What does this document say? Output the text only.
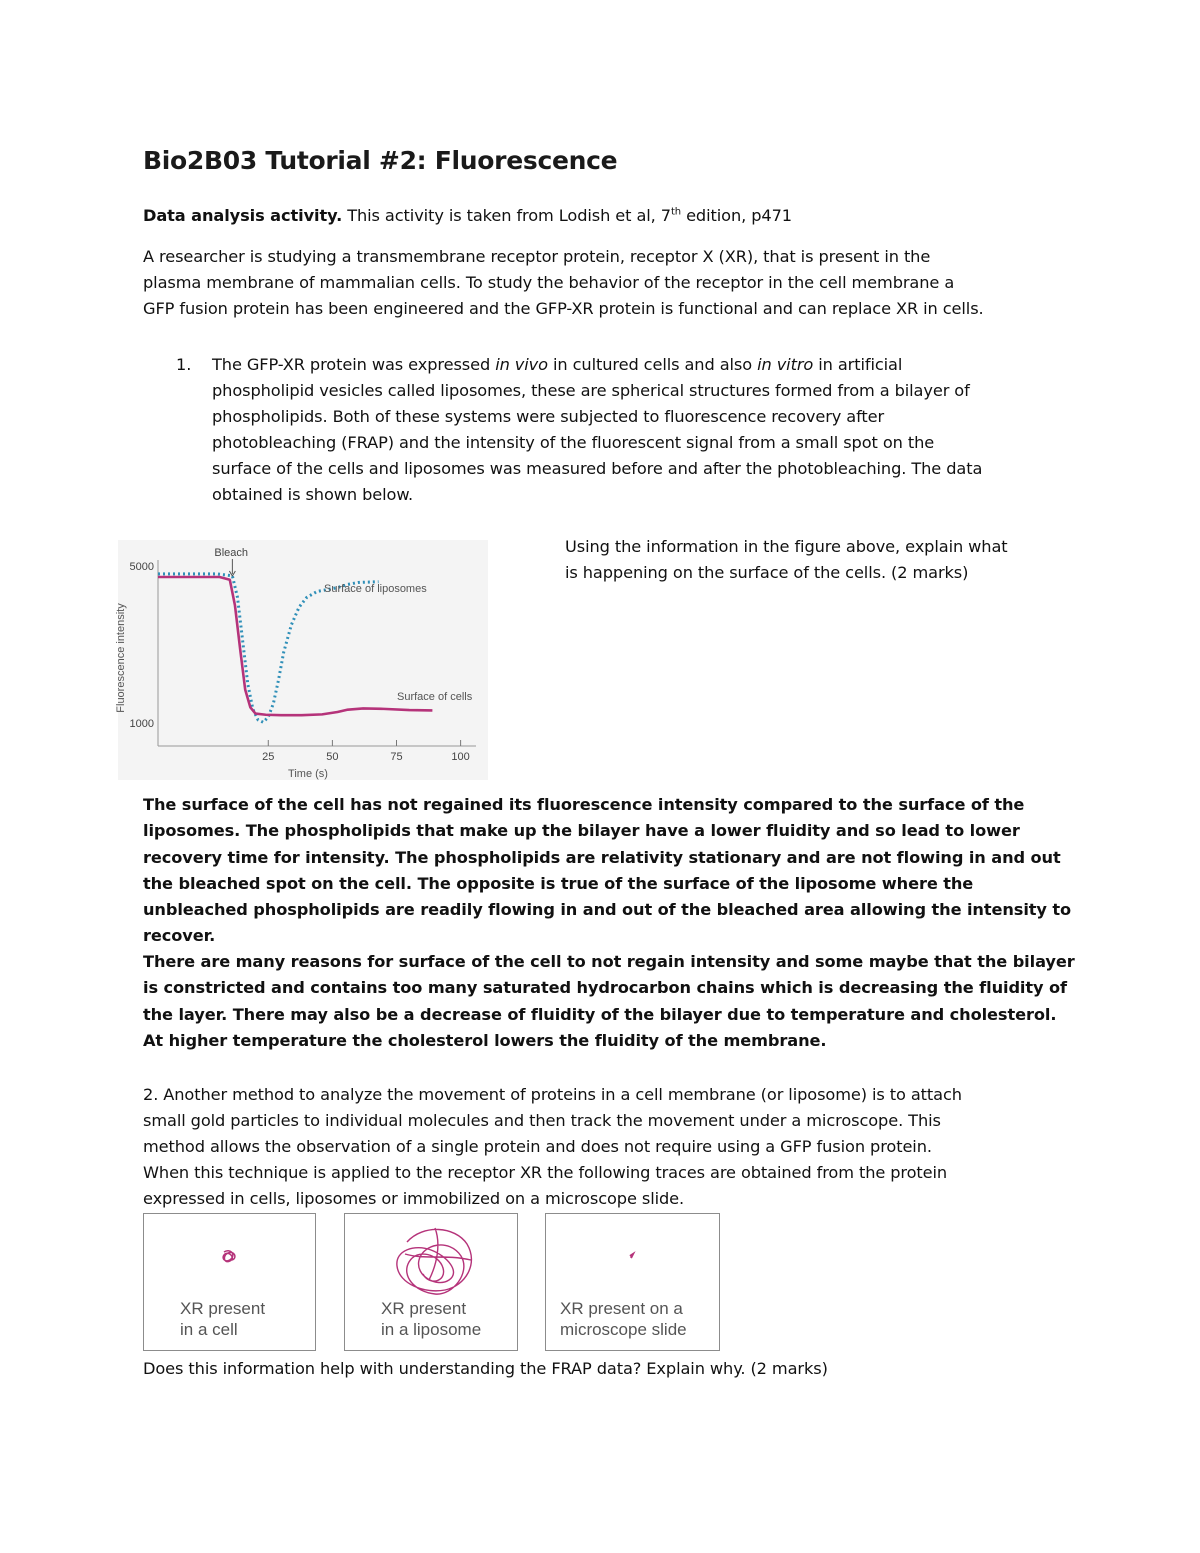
Bio2B03 Tutorial #2: Fluorescence
Data analysis activity. This activity is taken from Lodish et al, 7th edition, p471
A researcher is studying a transmembrane receptor protein, receptor X (XR), that is present in the
plasma membrane of mammalian cells. To study the behavior of the receptor in the cell membrane a
GFP fusion protein has been engineered and the GFP-XR protein is functional and can replace XR in cells.
1. The GFP-XR protein was expressed in vivo in cultured cells and also in vitro in artificial
phospholipid vesicles called liposomes, these are spherical structures formed from a bilayer of
phospholipids. Both of these systems were subjected to fluorescence recovery after
photobleaching (FRAP) and the intensity of the fluorescent signal from a small spot on the
surface of the cells and liposomes was measured before and after the photobleaching. The data
obtained is shown below.
Using the information in the figure above, explain what
is happening on the surface of the cells. (2 marks)
25	50	75	100
1000
5000
Time (s)
Fluorescence intensity
Bleach
Surface of liposomes
Surface of cells
The surface of the cell has not regained its fluorescence intensity compared to the surface of the
liposomes. The phospholipids that make up the bilayer have a lower fluidity and so lead to lower
recovery time for intensity. The phospholipids are relativity stationary and are not flowing in and out
the bleached spot on the cell. The opposite is true of the surface of the liposome where the
unbleached phospholipids are readily flowing in and out of the bleached area allowing the intensity to
recover.
There are many reasons for surface of the cell to not regain intensity and some maybe that the bilayer
is constricted and contains too many saturated hydrocarbon chains which is decreasing the fluidity of
the layer. There may also be a decrease of fluidity of the bilayer due to temperature and cholesterol.
At higher temperature the cholesterol lowers the fluidity of the membrane.
2. Another method to analyze the movement of proteins in a cell membrane (or liposome) is to attach
small gold particles to individual molecules and then track the movement under a microscope. This
method allows the observation of a single protein and does not require using a GFP fusion protein.
When this technique is applied to the receptor XR the following traces are obtained from the protein
expressed in cells, liposomes or immobilized on a microscope slide.
XR present
in a cell
XR present
in a liposome
XR present on a
microscope slide
Does this information help with understanding the FRAP data? Explain why. (2 marks)
